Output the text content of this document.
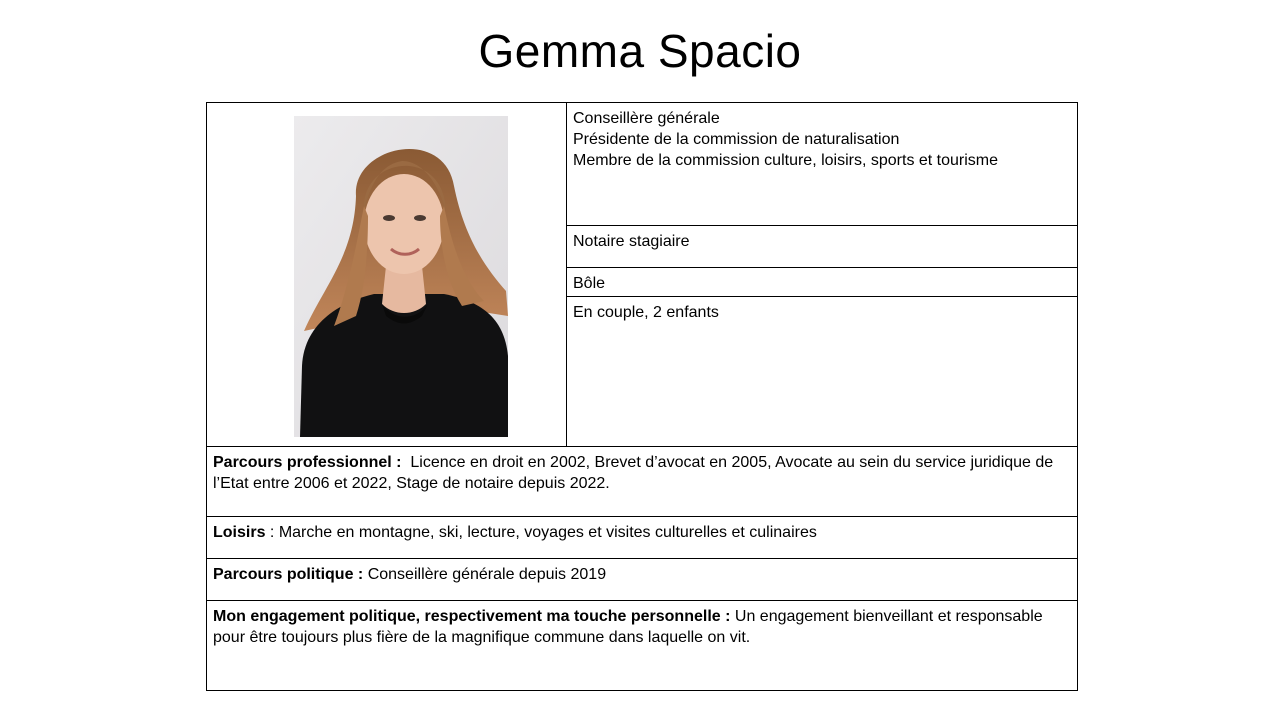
Gemma Spacio
Conseillère générale
Présidente de la commission de naturalisation
Membre de la commission culture, loisirs, sports et tourisme
Notaire stagiaire
Bôle
En couple, 2 enfants
Parcours professionnel : Licence en droit en 2002, Brevet d’avocat en 2005, Avocate au sein du service juridique de l’Etat entre 2006 et 2022, Stage de notaire depuis 2022.
Loisirs : Marche en montagne, ski, lecture, voyages et visites culturelles et culinaires
Parcours politique : Conseillère générale depuis 2019
Mon engagement politique, respectivement ma touche personnelle : Un engagement bienveillant et responsable pour être toujours plus fière de la magnifique commune dans laquelle on vit.
